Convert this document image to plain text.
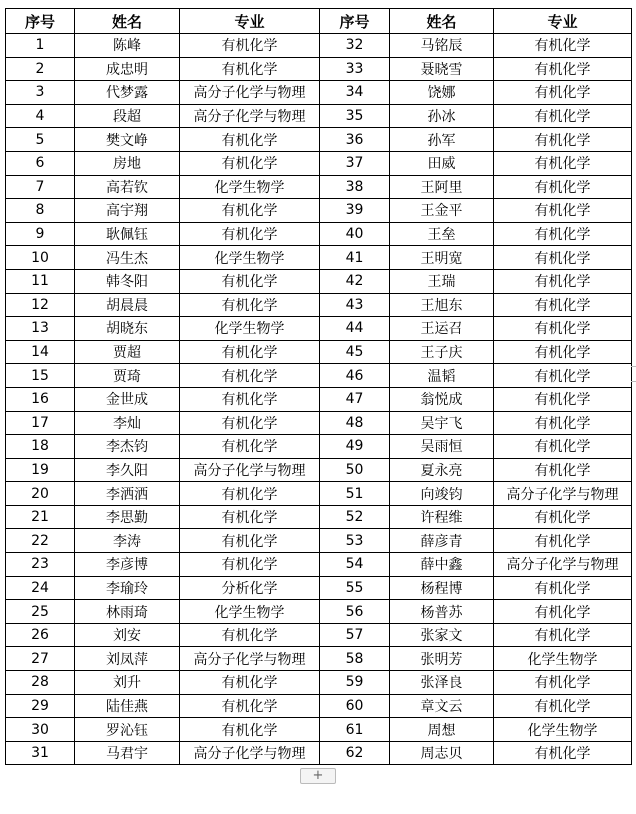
序号	姓名	专业	序号	姓名	专业
1	陈峰	有机化学	32	马铭辰	有机化学
2	成忠明	有机化学	33	聂晓雪	有机化学
3	代梦露	高分子化学与物理	34	饶娜	有机化学
4	段超	高分子化学与物理	35	孙冰	有机化学
5	樊文峥	有机化学	36	孙军	有机化学
6	房地	有机化学	37	田威	有机化学
7	高若钦	化学生物学	38	王阿里	有机化学
8	高宇翔	有机化学	39	王金平	有机化学
9	耿佩钰	有机化学	40	王垒	有机化学
10	冯生杰	化学生物学	41	王明宽	有机化学
11	韩冬阳	有机化学	42	王瑞	有机化学
12	胡晨晨	有机化学	43	王旭东	有机化学
13	胡晓东	化学生物学	44	王运召	有机化学
14	贾超	有机化学	45	王子庆	有机化学
15	贾琦	有机化学	46	温韬	有机化学
16	金世成	有机化学	47	翁悦成	有机化学
17	李灿	有机化学	48	吴宇飞	有机化学
18	李杰钧	有机化学	49	吴雨恒	有机化学
19	李久阳	高分子化学与物理	50	夏永亮	有机化学
20	李洒洒	有机化学	51	向竣钧	高分子化学与物理
21	李思勤	有机化学	52	许程维	有机化学
22	李涛	有机化学	53	薛彦青	有机化学
23	李彦博	有机化学	54	薛中鑫	高分子化学与物理
24	李瑜玲	分析化学	55	杨程博	有机化学
25	林雨琦	化学生物学	56	杨普苏	有机化学
26	刘安	有机化学	57	张家文	有机化学
27	刘凤萍	高分子化学与物理	58	张明芳	化学生物学
28	刘升	有机化学	59	张泽良	有机化学
29	陆佳燕	有机化学	60	章文云	有机化学
30	罗沁钰	有机化学	61	周想	化学生物学
31	马君宇	高分子化学与物理	62	周志贝	有机化学
+
